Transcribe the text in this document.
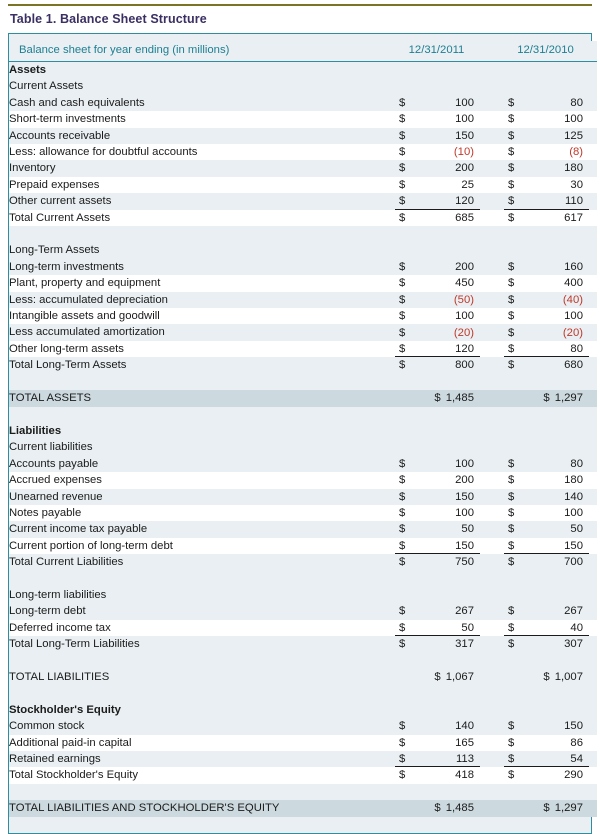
Table 1. Balance Sheet Structure
Balance sheet for year ending (in millions)	12/31/2011		12/31/2010
Assets			
Current Assets			
Cash and cash equivalents	$ 100		$ 80

Short-term investments	$ 100		$ 100

Accounts receivable	$ 150		$ 125

Less: allowance for doubtful accounts	$ (10)		$ (8)

Inventory	$ 200		$ 180

Prepaid expenses	$ 25		$ 30

Other current assets	$ 120		$ 110

Total Current Assets	$ 685		$ 617

Long-Term Assets			
Long-term investments	$ 200		$ 160

Plant, property and equipment	$ 450		$ 400

Less: accumulated depreciation	$ (50)		$ (40)

Intangible assets and goodwill	$ 100		$ 100

Less accumulated amortization	$ (20)		$ (20)

Other long-term assets	$ 120		$ 80

Total Long-Term Assets	$ 800		$ 680

TOTAL ASSETS	$ 1,485		$ 1,297

Liabilities			
Current liabilities			
Accounts payable	$ 100		$ 80

Accrued expenses	$ 200		$ 180

Unearned revenue	$ 150		$ 140

Notes payable	$ 100		$ 100

Current income tax payable	$ 50		$ 50

Current portion of long-term debt	$ 150		$ 150

Total Current Liabilities	$ 750		$ 700

Long-term liabilities			
Long-term debt	$ 267		$ 267

Deferred income tax	$ 50		$ 40

Total Long-Term Liabilities	$ 317		$ 307

TOTAL LIABILITIES	$ 1,067		$ 1,007

Stockholder's Equity			
Common stock	$ 140		$ 150

Additional paid-in capital	$ 165		$ 86

Retained earnings	$ 113		$ 54

Total Stockholder's Equity	$ 418		$ 290

TOTAL LIABILITIES AND STOCKHOLDER'S EQUITY	$ 1,485		$ 1,297
